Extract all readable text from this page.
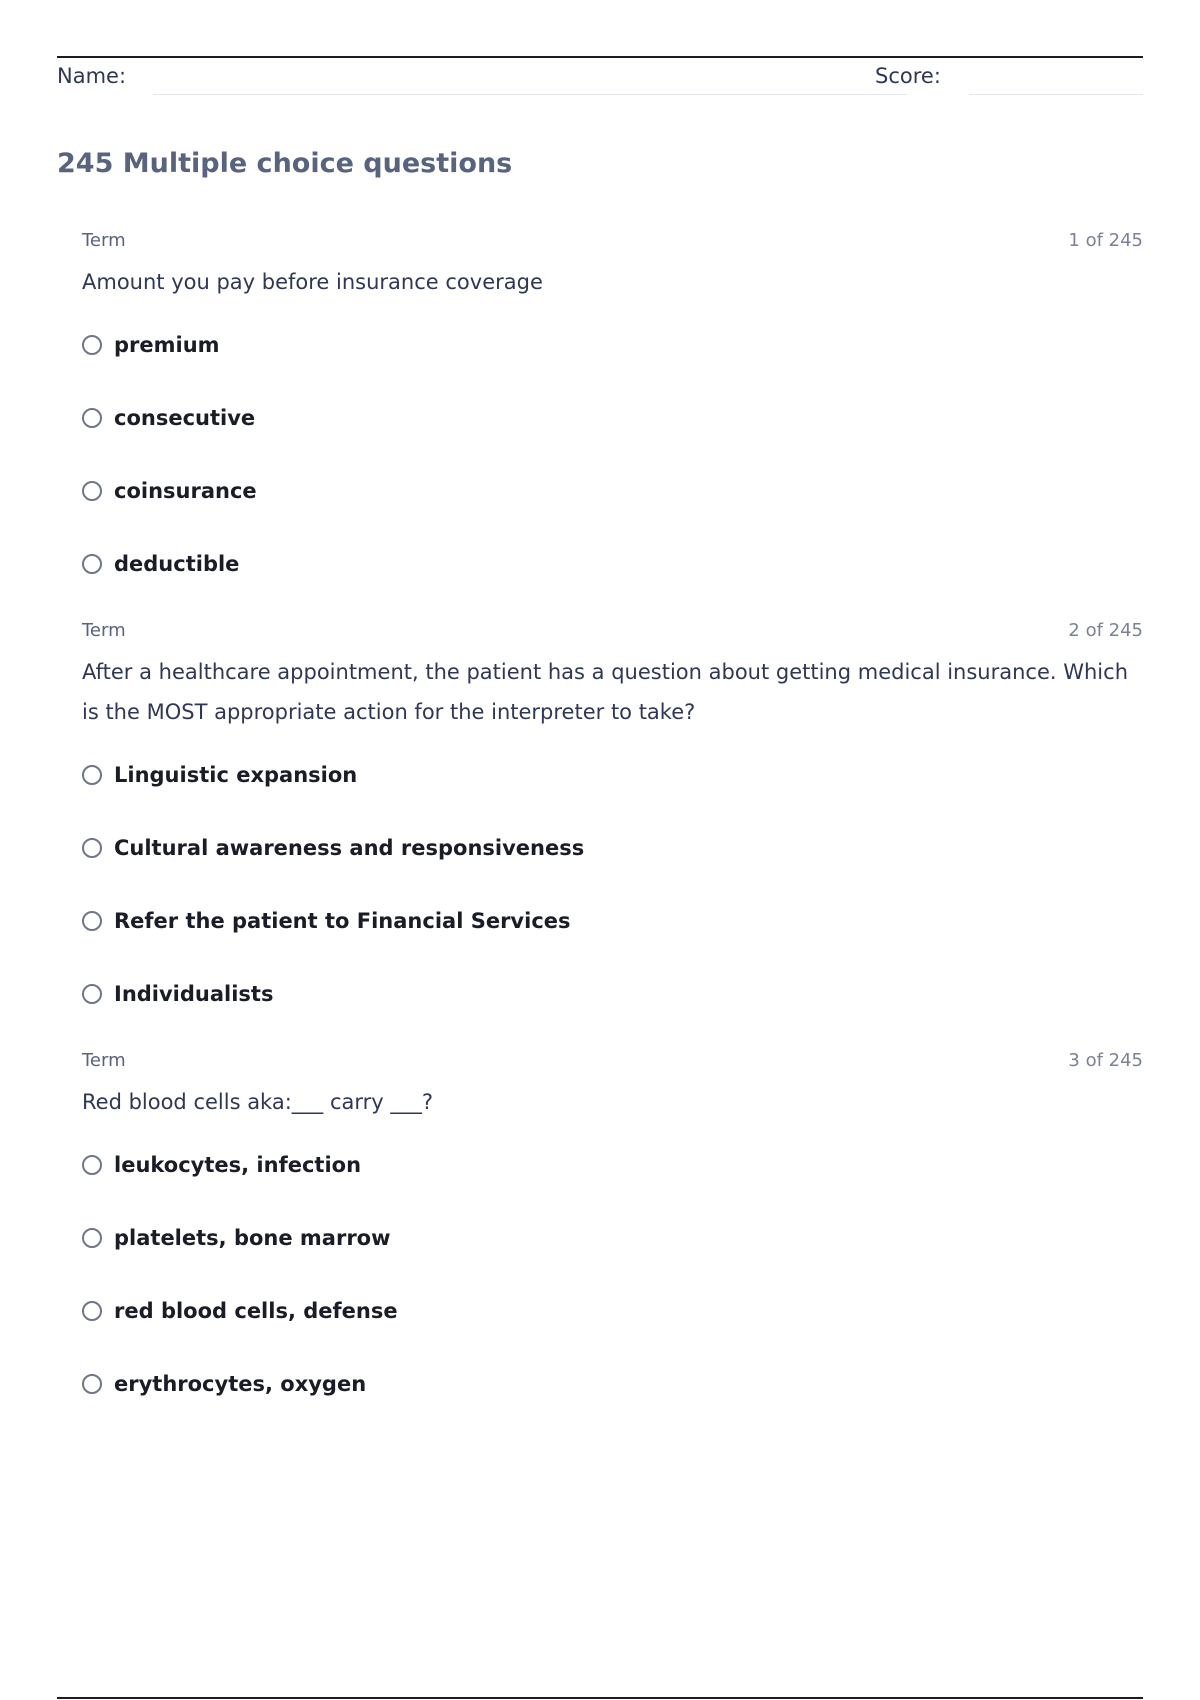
Name:	Score:
245 Multiple choice questions
Term	1 of 245
Amount you pay before insurance coverage
premium
consecutive
coinsurance
deductible
Term	2 of 245
After a healthcare appointment, the patient has a question about getting medical insurance. Which is the MOST appropriate action for the interpreter to take?
Linguistic expansion
Cultural awareness and responsiveness
Refer the patient to Financial Services
Individualists
Term	3 of 245
Red blood cells aka:___ carry ___?
leukocytes, infection
platelets, bone marrow
red blood cells, defense
erythrocytes, oxygen
